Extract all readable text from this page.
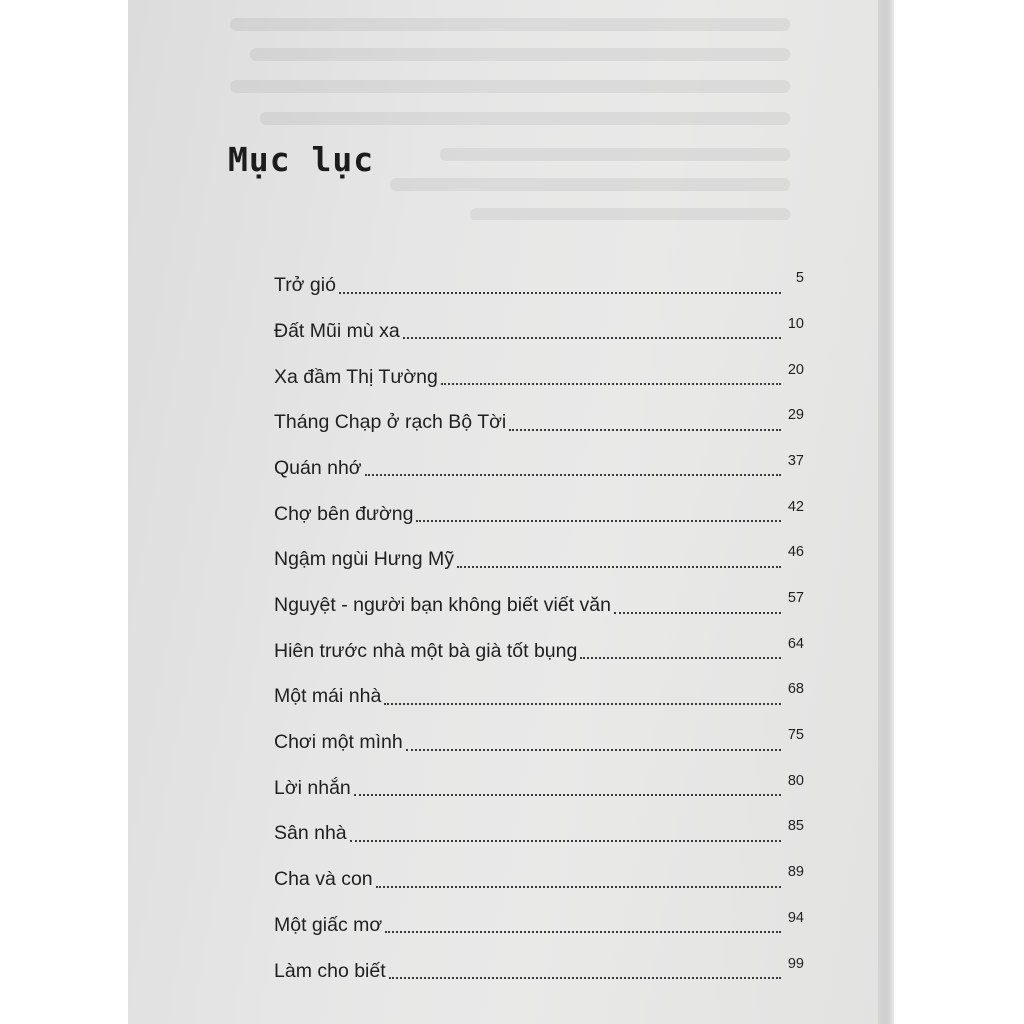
Mục lục
Trở gió	5
Đất Mũi mù xa	10
Xa đầm Thị Tường	20
Tháng Chạp ở rạch Bộ Tời	29
Quán nhớ	37
Chợ bên đường	42
Ngậm ngùi Hưng Mỹ	46
Nguyệt - người bạn không biết viết văn	57
Hiên trước nhà một bà già tốt bụng	64
Một mái nhà	68
Chơi một mình	75
Lời nhắn	80
Sân nhà	85
Cha và con	89
Một giấc mơ	94
Làm cho biết	99
